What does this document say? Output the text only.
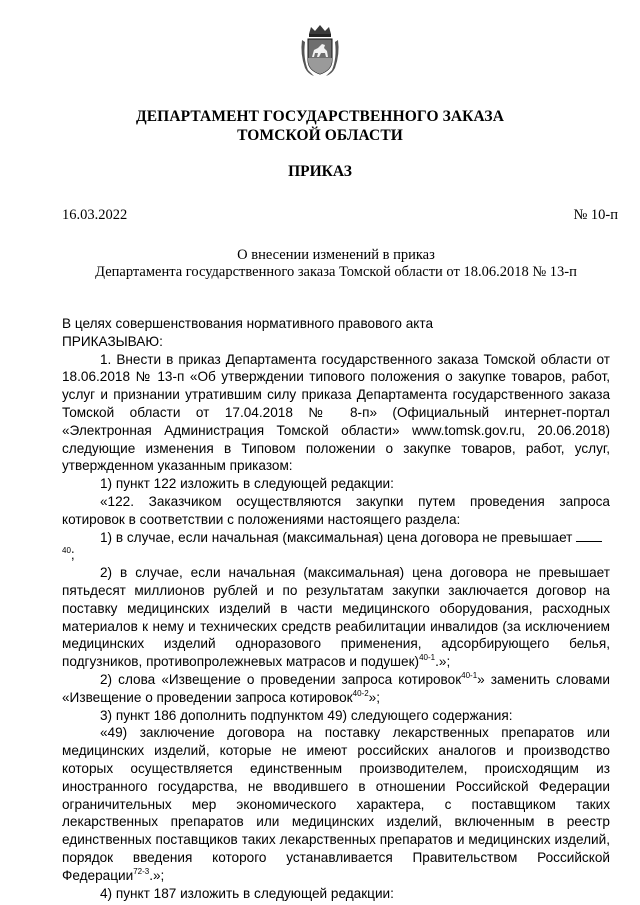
ДЕПАРТАМЕНТ ГОСУДАРСТВЕННОГО ЗАКАЗА
ТОМСКОЙ ОБЛАСТИ
ПРИКАЗ
16.03.2022	№ 10-п
О внесении изменений в приказ
Департамента государственного заказа Томской области от 18.06.2018 № 13-п

В целях совершенствования нормативного правового акта

ПРИКАЗЫВАЮ:

1. Внести в приказ Департамента государственного заказа Томской области от 18.06.2018 № 13-п «Об утверждении типового положения о закупке товаров, работ, услуг и признании утратившим силу приказа Департамента государственного заказа Томской области от 17.04.2018 № 8-п» (Официальный интернет-портал «Электронная Администрация Томской области» www.tomsk.gov.ru, 20.06.2018) следующие изменения в Типовом положении о закупке товаров, работ, услуг, утвержденном указанным приказом:

1) пункт 122 изложить в следующей редакции:

«122. Заказчиком осуществляются закупки путем проведения запроса котировок в соответствии с положениями настоящего раздела:

1) в случае, если начальная (максимальная) цена договора не превышает $^{40}$;

2) в случае, если начальная (максимальная) цена договора не превышает пятьдесят миллионов рублей и по результатам закупки заключается договор на поставку медицинских изделий в части медицинского оборудования, расходных материалов к нему и технических средств реабилитации инвалидов (за исключением медицинских изделий одноразового применения, адсорбирующего белья, подгузников, противопролежневых матрасов и подушек)$^{40-1}$.»;

2) слова «Извещение о проведении запроса котировок$^{40-1}$» заменить словами «Извещение о проведении запроса котировок$^{40-2}$»;

3) пункт 186 дополнить подпунктом 49) следующего содержания:

«49) заключение договора на поставку лекарственных препаратов или медицинских изделий, которые не имеют российских аналогов и производство которых осуществляется единственным производителем, происходящим из иностранного государства, не вводившего в отношении Российской Федерации ограничительных мер экономического характера, с поставщиком таких лекарственных препаратов или медицинских изделий, включенным в реестр единственных поставщиков таких лекарственных препаратов и медицинских изделий, порядок введения которого устанавливается Правительством Российской Федерации$^{72-3}$.»;

4) пункт 187 изложить в следующей редакции:
